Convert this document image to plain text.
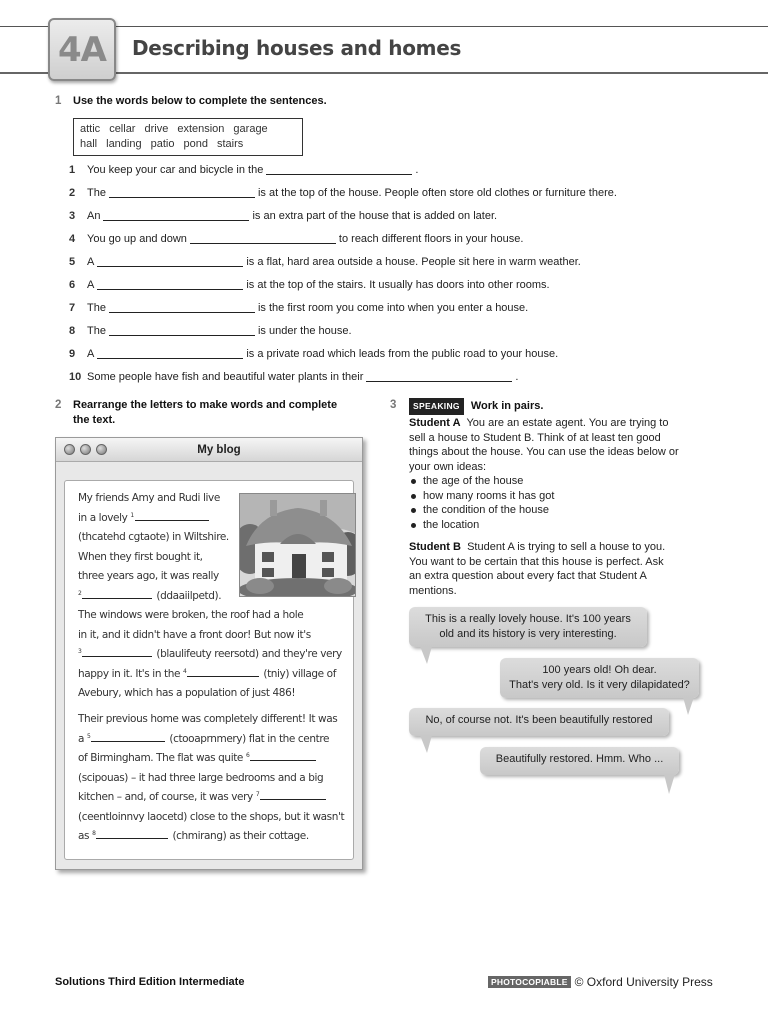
4A Describing houses and homes
1 Use the words below to complete the sentences.
attic cellar drive extension garage
hall landing patio pond stairs
1	You keep your car and bicycle in the	.
2	The	is at the top of the house. People often store old clothes or furniture there.
3	An	is an extra part of the house that is added on later.
4	You go up and down	to reach different floors in your house.
5	A	is a flat, hard area outside a house. People sit here in warm weather.
6	A	is at the top of the stairs. It usually has doors into other rooms.
7	The	is the first room you come into when you enter a house.
8	The	is under the house.
9	A	is a private road which leads from the public road to your house.
10 Some people have fish and beautiful water plants in their	.
2 Rearrange the letters to make words and complete
the text.
My blog
My friends Amy and Rudi live
in a lovely $^1$
(thcatehd cgtaote) in Wiltshire.
When they first bought it,
three years ago, it was really
$^2$	(ddaaiilpetd).
The windows were broken, the roof had a hole
in it, and it didn't have a front door! But now it's
$^3$	(blaulifeuty reersotd) and they're very
happy in it. It's in the $^4$	(tniy) village of
Avebury, which has a population of just 486!
Their previous home was completely different! It was
a $^5$	(ctooaprnmery) flat in the centre
of Birmingham. The flat was quite $^6$
(scipouas) – it had three large bedrooms and a big
kitchen – and, of course, it was very $^7$
(ceentloinnvy laocetd) close to the shops, but it wasn't
as $^8$	(chmirang) as their cottage.
3	SPEAKING Work in pairs.
Student A You are an estate agent. You are trying to
sell a house to Student B. Think of at least ten good
things about the house. You can use the ideas below or
your own ideas:
the age of the house
how many rooms it has got
the condition of the house
the location
Student B Student A is trying to sell a house to you.
You want to be certain that this house is perfect. Ask
an extra question about every fact that Student A
mentions.
This is a really lovely house. It's 100 years
old and its history is very interesting.
100 years old! Oh dear.
That's very old. Is it very dilapidated?
No, of course not. It's been beautifully restored
Beautifully restored. Hmm. Who ...
Solutions Third Edition Intermediate	PHOTOCOPIABLE © Oxford University Press
